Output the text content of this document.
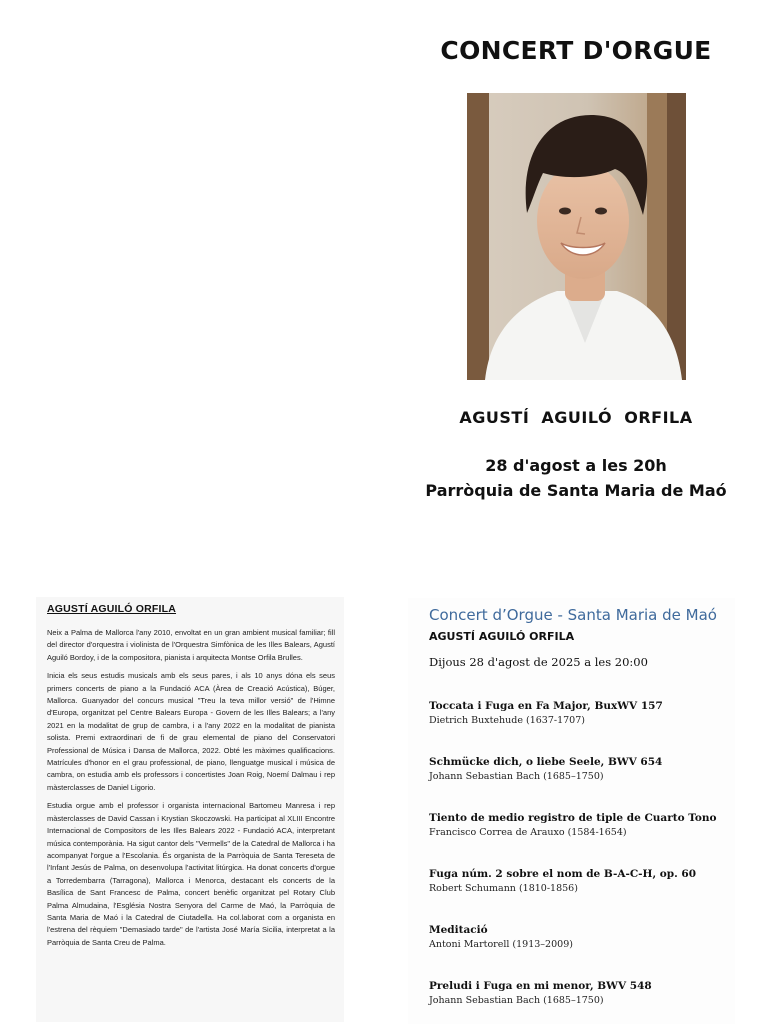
CONCERT D'ORGUE
AGUSTÍ  AGUILÓ  ORFILA
28 d'agost a les 20h
Parròquia de Santa Maria de Maó
AGUSTÍ AGUILÓ ORFILA

Neix a Palma de Mallorca l'any 2010, envoltat en un gran ambient musical familiar; fill del director d'orquestra i violinista de l'Orquestra Simfònica de les Illes Balears, Agustí Aguiló Bordoy, i de la compositora, pianista i arquitecta Montse Orfila Brulles.

Inicia els seus estudis musicals amb els seus pares, i als 10 anys dóna els seus primers concerts de piano a la Fundació ACA (Àrea de Creació Acústica), Búger, Mallorca. Guanyador del concurs musical "Treu la teva millor versió" de l'Himne d'Europa, organitzat pel Centre Balears Europa - Govern de les Illes Balears; a l'any 2021 en la modalitat de grup de cambra, i a l'any 2022 en la modalitat de pianista solista. Premi extraordinari de fi de grau elemental de piano del Conservatori Professional de Música i Dansa de Mallorca, 2022. Obté les màximes qualificacions. Matrícules d'honor en el grau professional, de piano, llenguatge musical i música de cambra, on estudia amb els professors i concertistes Joan Roig, Noemí Dalmau i rep màsterclasses de Daniel Ligorio.

Estudia orgue amb el professor i organista internacional Bartomeu Manresa i rep màsterclasses de David Cassan i Krystian Skoczowski. Ha participat al XLIII Encontre Internacional de Compositors de les Illes Balears 2022 - Fundació ACA, interpretant música contemporània. Ha sigut cantor dels "Vermells" de la Catedral de Mallorca i ha acompanyat l'orgue a l'Escolania. És organista de la Parròquia de Santa Tereseta de l'Infant Jesús de Palma, on desenvolupa l'activitat litúrgica. Ha donat concerts d'orgue a Torredembarra (Tarragona), Mallorca i Menorca, destacant els concerts de la Basílica de Sant Francesc de Palma, concert benèfic organitzat pel Rotary Club Palma Almudaina, l'Església Nostra Senyora del Carme de Maó, la Parròquia de Santa Maria de Maó i la Catedral de Ciutadella. Ha col.laborat com a organista en l'estrena del rèquiem "Demasiado tarde" de l'artista José María Sicilia, interpretat a la Parròquia de Santa Creu de Palma.

Concert d’Orgue - Santa Maria de Maó
AGUSTÍ AGUILÓ ORFILA
Dijous 28 d'agost de 2025 a les 20:00
Toccata i Fuga en Fa Major, BuxWV 157
Dietrich Buxtehude (1637-1707)
Schmücke dich, o liebe Seele, BWV 654
Johann Sebastian Bach (1685–1750)
Tiento de medio registro de tiple de Cuarto Tono
Francisco Correa de Arauxo (1584-1654)
Fuga núm. 2 sobre el nom de B-A-C-H, op. 60
Robert Schumann (1810-1856)
Meditació
Antoni Martorell (1913–2009)
Preludi i Fuga en mi menor, BWV 548
Johann Sebastian Bach (1685–1750)
